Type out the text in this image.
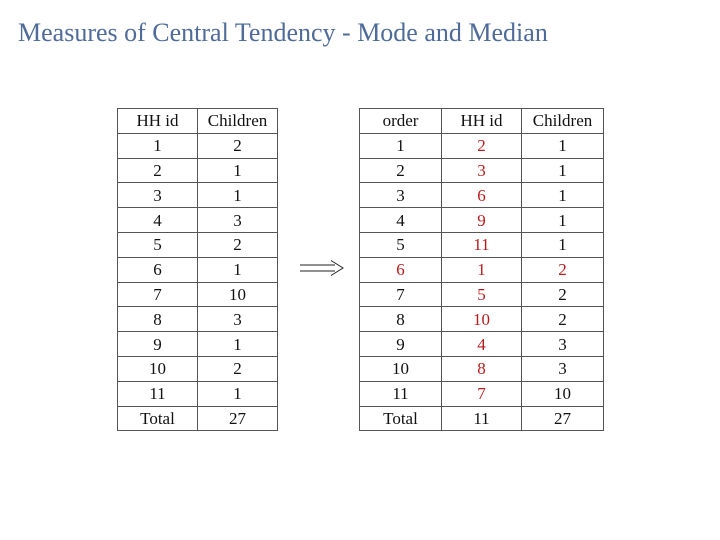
Measures of Central Tendency - Mode and Median
HH id	Children
1	2
2	1
3	1
4	3
5	2
6	1
7	10
8	3
9	1
10	2
11	1
Total	27
order	HH id	Children
1	2	1
2	3	1
3	6	1
4	9	1
5	11	1
6	1	2
7	5	2
8	10	2
9	4	3
10	8	3
11	7	10
Total	11	27
